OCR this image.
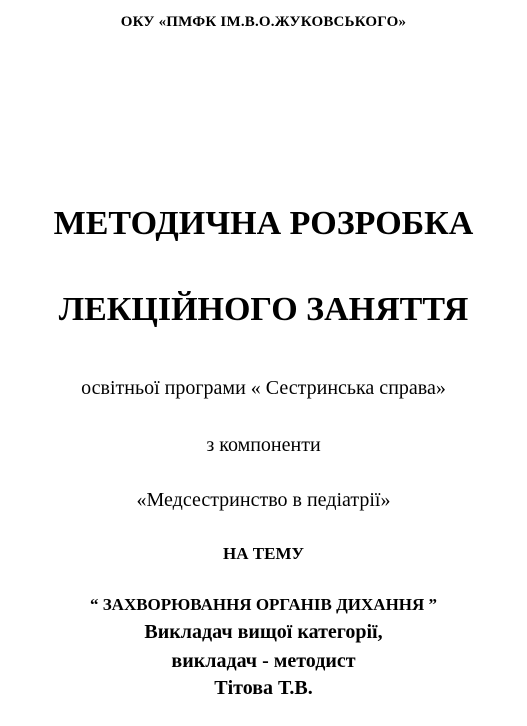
ОКУ «ПМФК ІМ.В.О.ЖУКОВСЬКОГО»
МЕТОДИЧНА РОЗРОБКА
ЛЕКЦІЙНОГО ЗАНЯТТЯ
освітньої програми « Сестринська справа»
з компоненти
«Медсестринство в педіатрії»
НА ТЕМУ
“ ЗАХВОРЮВАННЯ ОРГАНІВ ДИХАННЯ ”
Викладач вищої категорії,
викладач - методист
Тітова Т.В.
